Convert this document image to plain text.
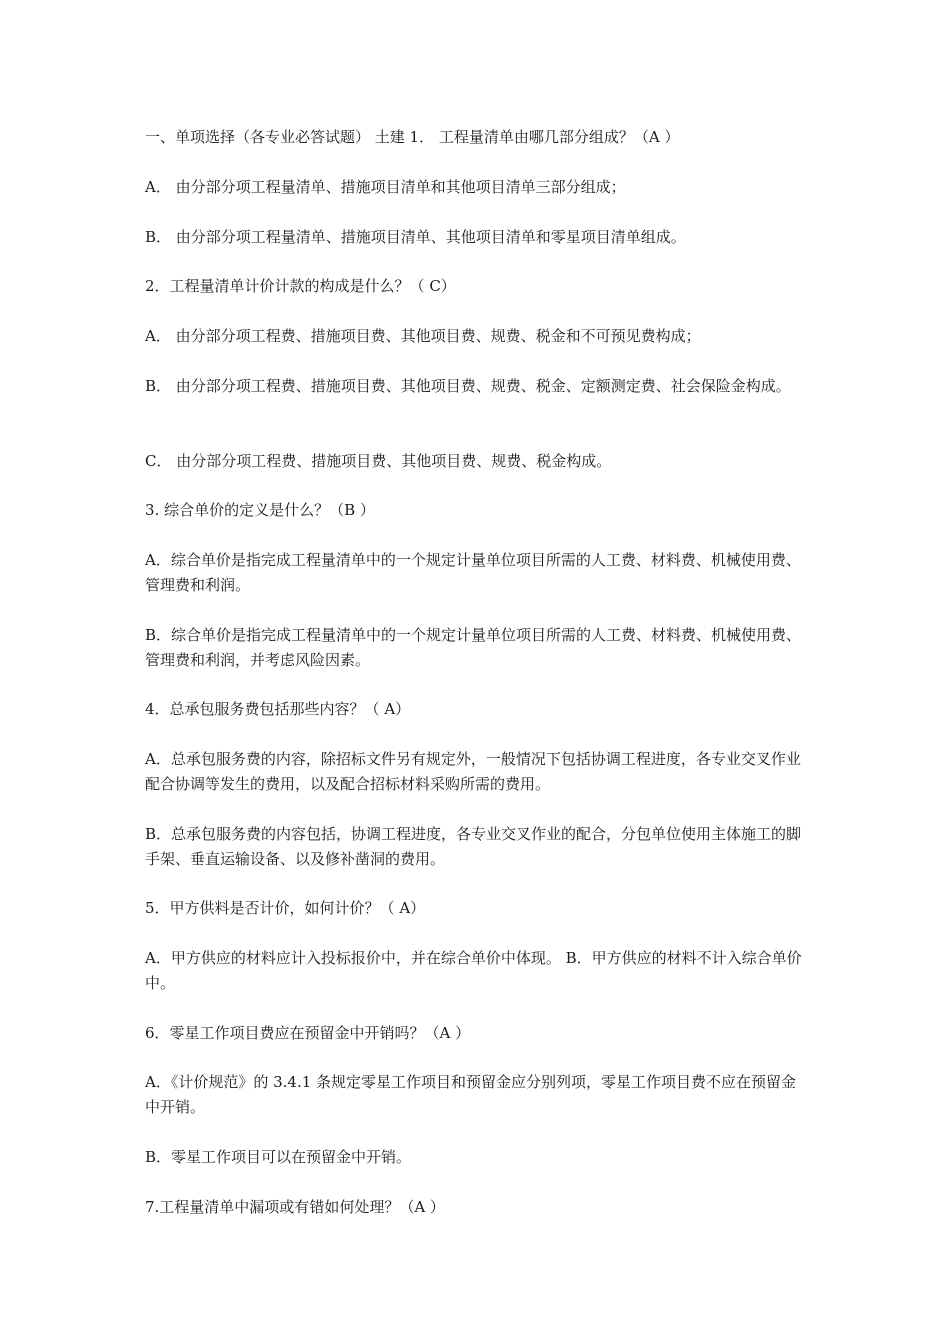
一、单项选择（各专业必答试题） 土建 1． 工程量清单由哪几部分组成？（A ）

A． 由分部分项工程量清单、措施项目清单和其他项目清单三部分组成；

B． 由分部分项工程量清单、措施项目清单、其他项目清单和零星项目清单组成。

2．工程量清单计价计款的构成是什么？（ C）

A． 由分部分项工程费、措施项目费、其他项目费、规费、税金和不可预见费构成；

B． 由分部分项工程费、措施项目费、其他项目费、规费、税金、定额测定费、社会保险金构成。

C． 由分部分项工程费、措施项目费、其他项目费、规费、税金构成。

3. 综合单价的定义是什么？（B ）

A．综合单价是指完成工程量清单中的一个规定计量单位项目所需的人工费、材料费、机械使用费、管理费和利润。

B．综合单价是指完成工程量清单中的一个规定计量单位项目所需的人工费、材料费、机械使用费、管理费和利润，并考虑风险因素。

4．总承包服务费包括那些内容？（ A）

A．总承包服务费的内容，除招标文件另有规定外，一般情况下包括协调工程进度，各专业交叉作业配合协调等发生的费用，以及配合招标材料采购所需的费用。

B．总承包服务费的内容包括，协调工程进度，各专业交叉作业的配合，分包单位使用主体施工的脚手架、垂直运输设备、以及修补凿洞的费用。

5．甲方供料是否计价，如何计价？（ A）

A．甲方供应的材料应计入投标报价中，并在综合单价中体现。 B．甲方供应的材料不计入综合单价中。

6．零星工作项目费应在预留金中开销吗？（A ）

A．《计价规范》的 3.4.1 条规定零星工作项目和预留金应分别列项，零星工作项目费不应在预留金中开销。

B．零星工作项目可以在预留金中开销。

7.工程量清单中漏项或有错如何处理？（A ）
